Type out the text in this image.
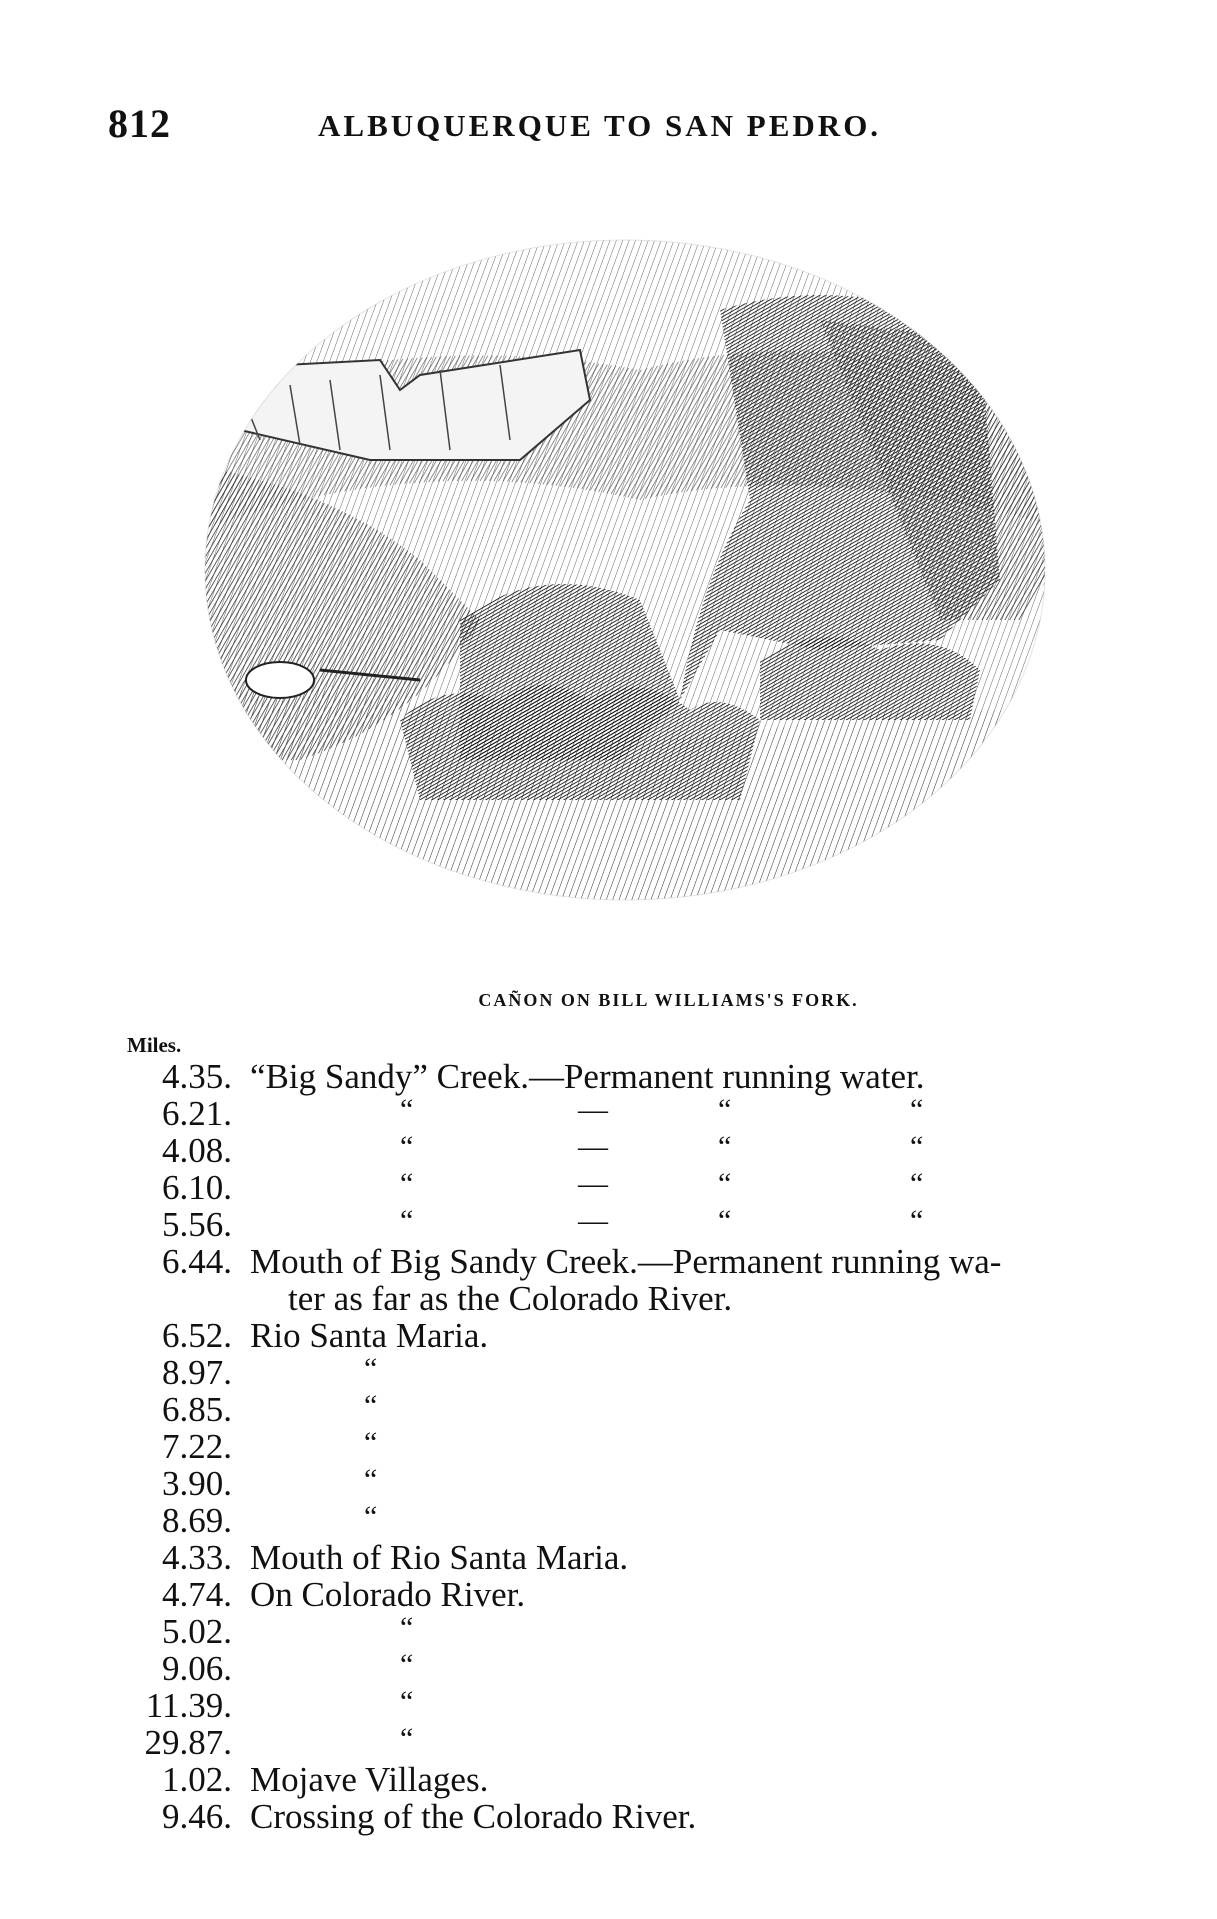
812	ALBUQUERQUE TO SAN PEDRO.
CAÑON ON BILL WILLIAMS'S FORK.
Miles.
4.35. “Big Sandy” Creek.—Permanent running water.
6.21.	“	—	“	“
4.08.	“	—	“	“
6.10.	“	—	“	“
5.56.	“	—	“	“
6.44. Mouth of Big Sandy Creek.—Permanent running wa-
ter as far as the Colorado River.
6.52. Rio Santa Maria.
8.97.	“
6.85.	“
7.22.	“
3.90.	“
8.69.	“
4.33. Mouth of Rio Santa Maria.
4.74. On Colorado River.
5.02.	“
9.06.	“
11.39.	“
29.87.	“
1.02. Mojave Villages.
9.46. Crossing of the Colorado River.
